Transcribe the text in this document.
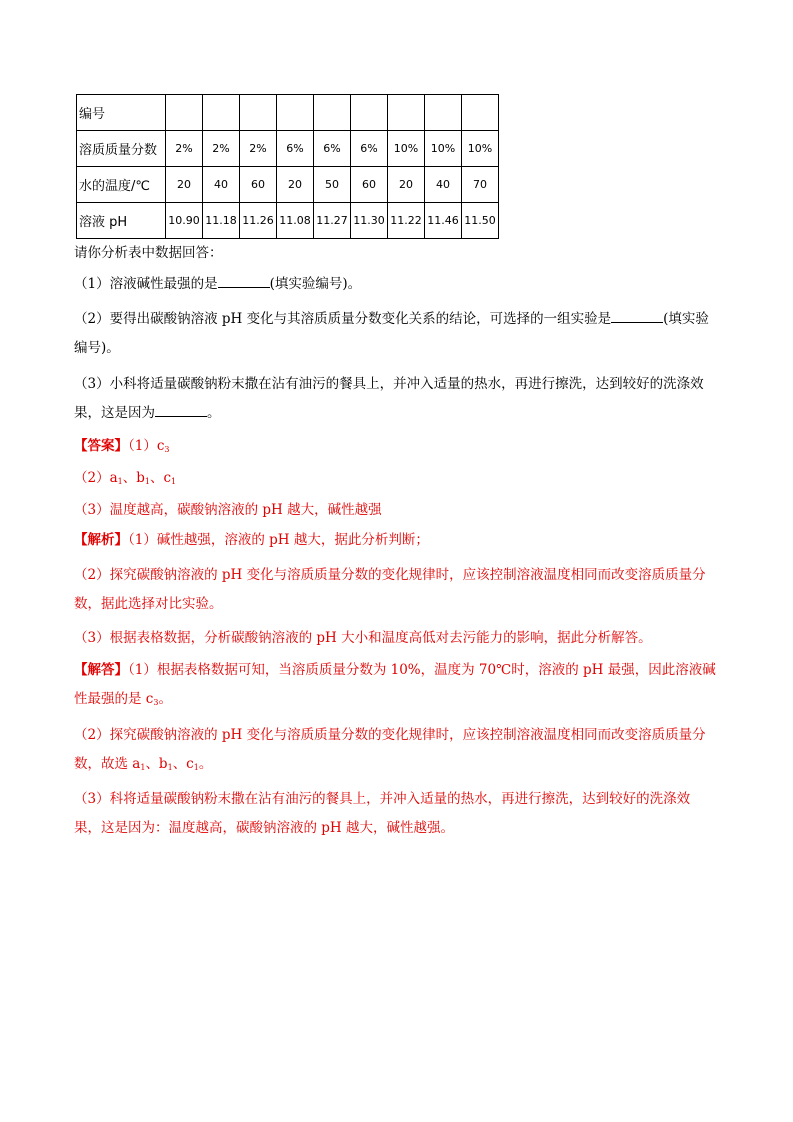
编号									
溶质质量分数	2%	2%	2%	6%	6%	6%	10%	10%	10%
水的温度/℃	20	40	60	20	50	60	20	40	70
溶液 pH	10.90	11.18	11.26	11.08	11.27	11.30	11.22	11.46	11.50
请你分析表中数据回答：
（1）溶液碱性最强的是	(填实验编号)。
（2）要得出碳酸钠溶液 pH 变化与其溶质质量分数变化关系的结论，可选择的一组实验是	(填实验
编号)。
（3）小科将适量碳酸钠粉末撒在沾有油污的餐具上，并冲入适量的热水，再进行擦洗，达到较好的洗涤效
果，这是因为	。
【答案】$(1)c_3$
$(2)a_1$、$b_1$、$c_1$
（3）温度越高，碳酸钠溶液的 pH 越大，碱性越强
【解析】（1）碱性越强，溶液的 pH 越大，据此分析判断；
（2）探究碳酸钠溶液的 pH 变化与溶质质量分数的变化规律时，应该控制溶液温度相同而改变溶质质量分
数，据此选择对比实验。
（3）根据表格数据，分析碳酸钠溶液的 pH 大小和温度高低对去污能力的影响，据此分析解答。
【解答】（1）根据表格数据可知，当溶质质量分数为 10%，温度为 70℃时，溶液的 pH 最强，因此溶液碱
性最强的是 $c_3$。
（2）探究碳酸钠溶液的 pH 变化与溶质质量分数的变化规律时，应该控制溶液温度相同而改变溶质质量分
数，故选 $a_1$、$b_1$、$c_1$。
（3）科将适量碳酸钠粉末撒在沾有油污的餐具上，并冲入适量的热水，再进行擦洗，达到较好的洗涤效
果，这是因为：温度越高，碳酸钠溶液的 pH 越大，碱性越强。
